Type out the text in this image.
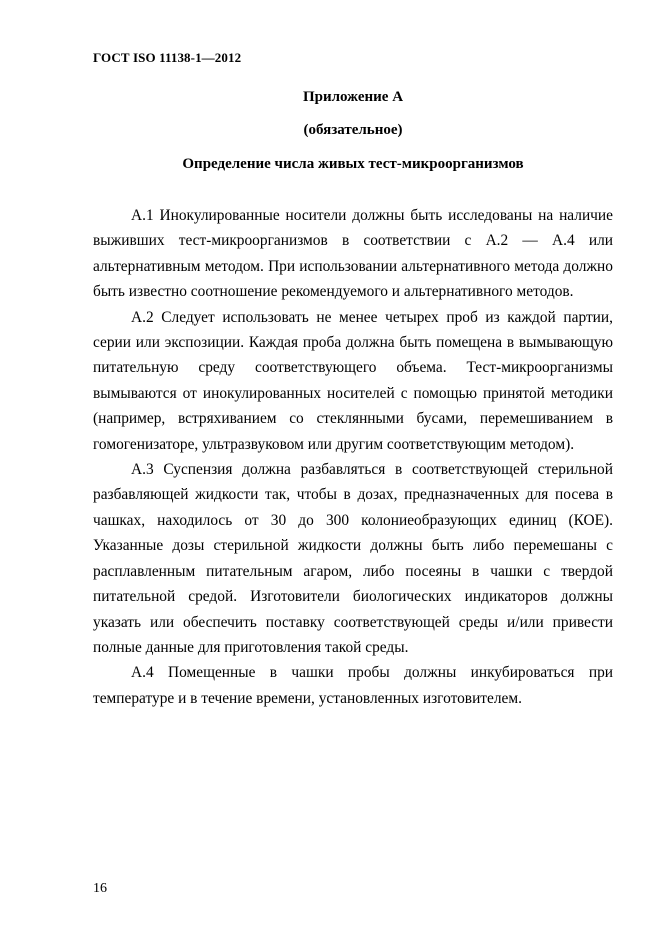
ГОСТ ISO 11138-1—2012
Приложение А
(обязательное)
Определение числа живых тест-микроорганизмов

А.1 Инокулированные носители должны быть исследованы на наличие выживших тест-микроорганизмов в соответствии с А.2 — А.4 или альтернативным методом. При использовании альтернативного метода должно быть известно соотношение рекомендуемого и альтернативного методов.

А.2 Следует использовать не менее четырех проб из каждой партии, серии или экспозиции. Каждая проба должна быть помещена в вымывающую питательную среду соответствующего объема. Тест-микроорганизмы вымываются от инокулированных носителей с помощью принятой методики (например, встряхиванием со стеклянными бусами, перемешиванием в гомогенизаторе, ультразвуковом или другим соответствующим методом).

А.3 Суспензия должна разбавляться в соответствующей стерильной разбавляющей жидкости так, чтобы в дозах, предназначенных для посева в чашках, находилось от 30 до 300 колониеобразующих единиц (КОЕ). Указанные дозы стерильной жидкости должны быть либо перемешаны с расплавленным питательным агаром, либо посеяны в чашки с твердой питательной средой. Изготовители биологических индикаторов должны указать или обеспечить поставку соответствующей среды и/или привести полные данные для приготовления такой среды.

А.4 Помещенные в чашки пробы должны инкубироваться при температуре и в течение времени, установленных изготовителем.

16
